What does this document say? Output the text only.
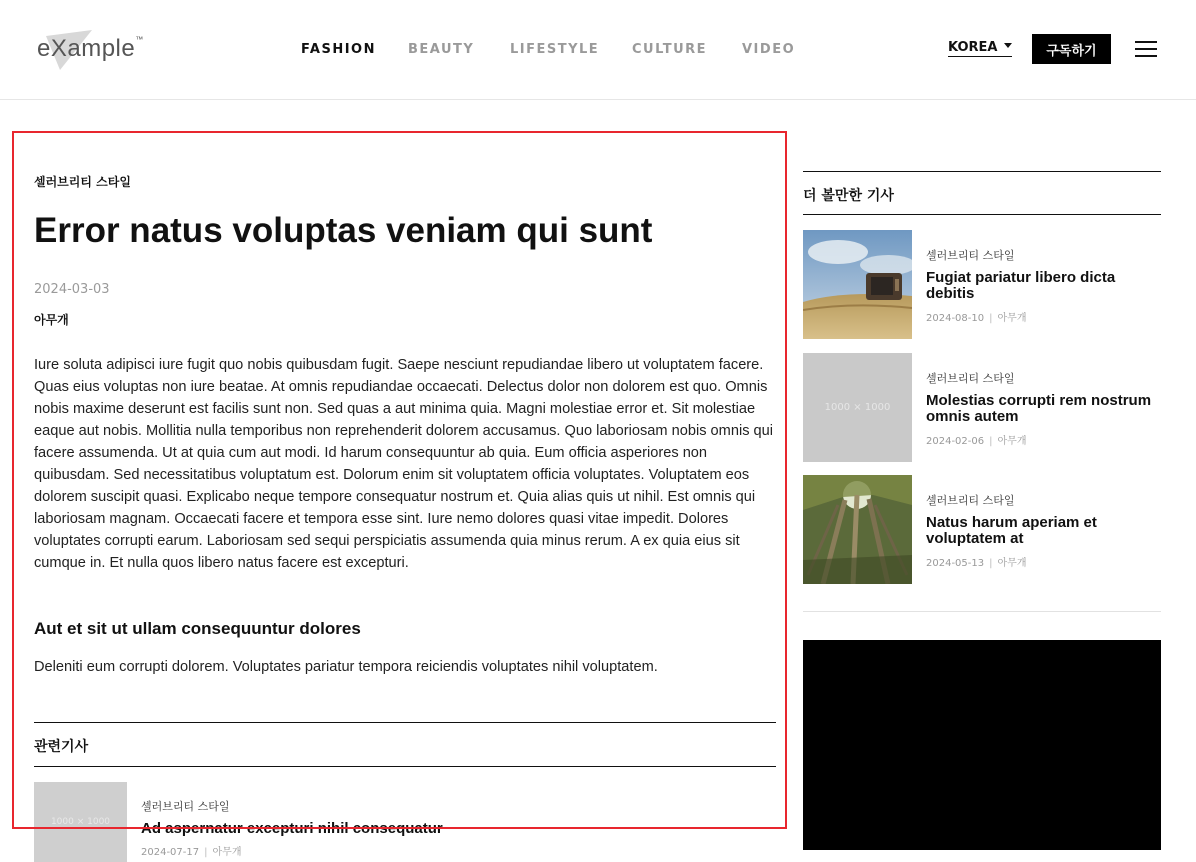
eXample™
FASHION BEAUTY	LIFESTYLE	CULTURE	VIDEO	KOREA	구독하기
셀러브리티 스타일
Error natus voluptas veniam qui sunt
2024-03-03
아무개

Iure soluta adipisci iure fugit quo nobis quibusdam fugit. Saepe nesciunt repudiandae libero ut voluptatem facere. Quas eius voluptas non iure beatae. At omnis repudiandae occaecati. Delectus dolor non dolorem est quo. Omnis nobis maxime deserunt est facilis sunt non. Sed quas a aut minima quia. Magni molestiae error et. Sit molestiae eaque aut nobis. Mollitia nulla temporibus non reprehenderit dolorem accusamus. Quo laboriosam nobis omnis qui facere assumenda. Ut at quia cum aut modi. Id harum consequuntur ab quia. Eum officia asperiores non quibusdam. Sed necessitatibus voluptatum est. Dolorum enim sit voluptatem officia voluptates. Voluptatem eos dolorem suscipit quasi. Explicabo neque tempore consequatur nostrum et. Quia alias quis ut nihil. Est omnis qui laboriosam magnam. Occaecati facere et tempora esse sint. Iure nemo dolores quasi vitae impedit. Dolores voluptates corrupti earum. Laboriosam sed sequi perspiciatis assumenda quia minus rerum. A ex quia eius sit cumque in. Et nulla quos libero natus facere est excepturi.

Aut et sit ut ullam consequuntur dolores

Deleniti eum corrupti dolorem. Voluptates pariatur tempora reiciendis voluptates nihil voluptatem.

관련기사
1000 × 1000
셀러브리티 스타일
Ad aspernatur excepturi nihil consequatur
2024-07-17 | 아무개
더 볼만한 기사
셀러브리티 스타일
Fugiat pariatur libero dicta debitis
2024-08-10 | 아무개
1000 × 1000
셀러브리티 스타일
Molestias corrupti rem nostrum omnis autem
2024-02-06 | 아무개
셀러브리티 스타일
Natus harum aperiam et voluptatem at
2024-05-13 | 아무개
